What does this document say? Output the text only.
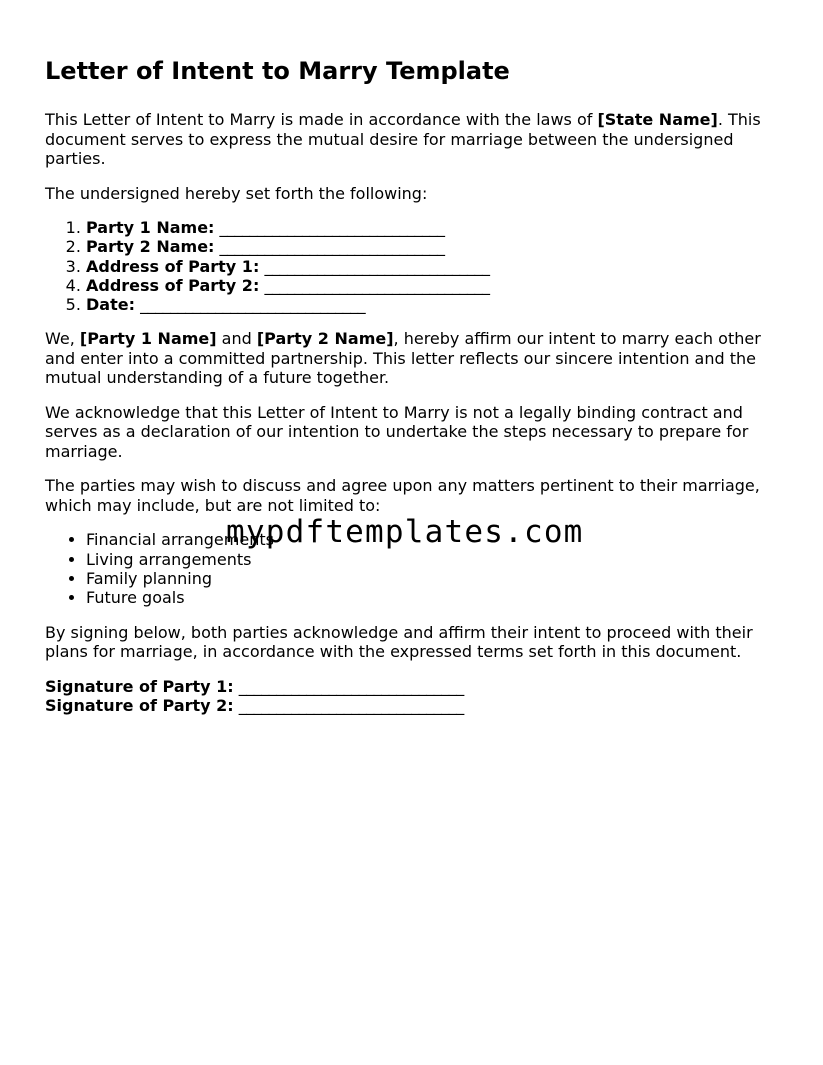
Letter of Intent to Marry Template

This Letter of Intent to Marry is made in accordance with the laws of [State Name]. This document serves to express the mutual desire for marriage between the undersigned parties.

The undersigned hereby set forth the following:

1. Party 1 Name: ______________________________
2. Party 2 Name: ______________________________
3. Address of Party 1: ______________________________
4. Address of Party 2: ______________________________
5. Date: ______________________________

We, [Party 1 Name] and [Party 2 Name], hereby affirm our intent to marry each other and enter into a committed partnership. This letter reflects our sincere intention and the mutual understanding of a future together.

We acknowledge that this Letter of Intent to Marry is not a legally binding contract and serves as a declaration of our intention to undertake the steps necessary to prepare for marriage.

The parties may wish to discuss and agree upon any matters pertinent to their marriage, which may include, but are not limited to:

• Financial arrangements
• Living arrangements
• Family planning
• Future goals

By signing below, both parties acknowledge and affirm their intent to proceed with their plans for marriage, in accordance with the expressed terms set forth in this document.

Signature of Party 1: ______________________________
Signature of Party 2: ______________________________
mypdftemplates.com
